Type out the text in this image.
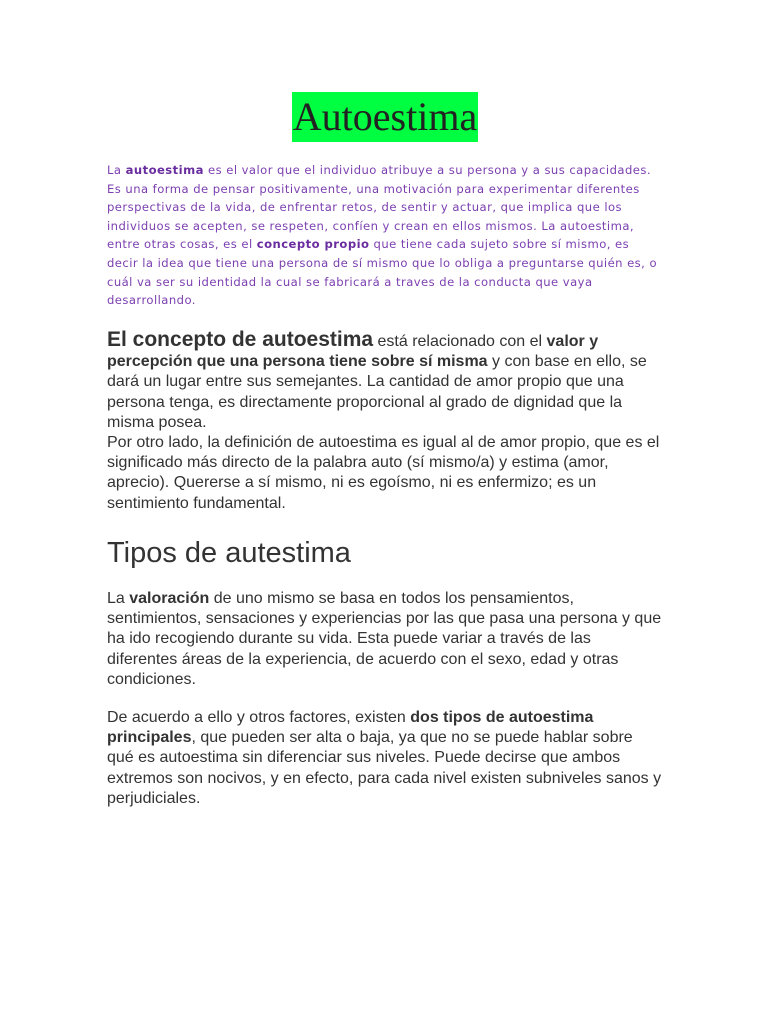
Autoestima

La autoestima es el valor que el individuo atribuye a su persona y a sus capacidades. Es una forma de pensar positivamente, una motivación para experimentar diferentes perspectivas de la vida, de enfrentar retos, de sentir y actuar, que implica que los individuos se acepten, se respeten, confíen y crean en ellos mismos. La autoestima, entre otras cosas, es el concepto propio que tiene cada sujeto sobre sí mismo, es decir la idea que tiene una persona de sí mismo que lo obliga a preguntarse quién es, o cuál va ser su identidad la cual se fabricará a traves de la conducta que vaya desarrollando.

El concepto de autoestima está relacionado con el valor y percepción que una persona tiene sobre sí misma y con base en ello, se dará un lugar entre sus semejantes. La cantidad de amor propio que una persona tenga, es directamente proporcional al grado de dignidad que la misma posea.

Por otro lado, la definición de autoestima es igual al de amor propio, que es el significado más directo de la palabra auto (sí mismo/a) y estima (amor, aprecio). Quererse a sí mismo, ni es egoísmo, ni es enfermizo; es un sentimiento fundamental.

Tipos de autestima

La valoración de uno mismo se basa en todos los pensamientos, sentimientos, sensaciones y experiencias por las que pasa una persona y que ha ido recogiendo durante su vida. Esta puede variar a través de las diferentes áreas de la experiencia, de acuerdo con el sexo, edad y otras condiciones.

De acuerdo a ello y otros factores, existen dos tipos de autoestima principales, que pueden ser alta o baja, ya que no se puede hablar sobre qué es autoestima sin diferenciar sus niveles. Puede decirse que ambos extremos son nocivos, y en efecto, para cada nivel existen subniveles sanos y perjudiciales.
